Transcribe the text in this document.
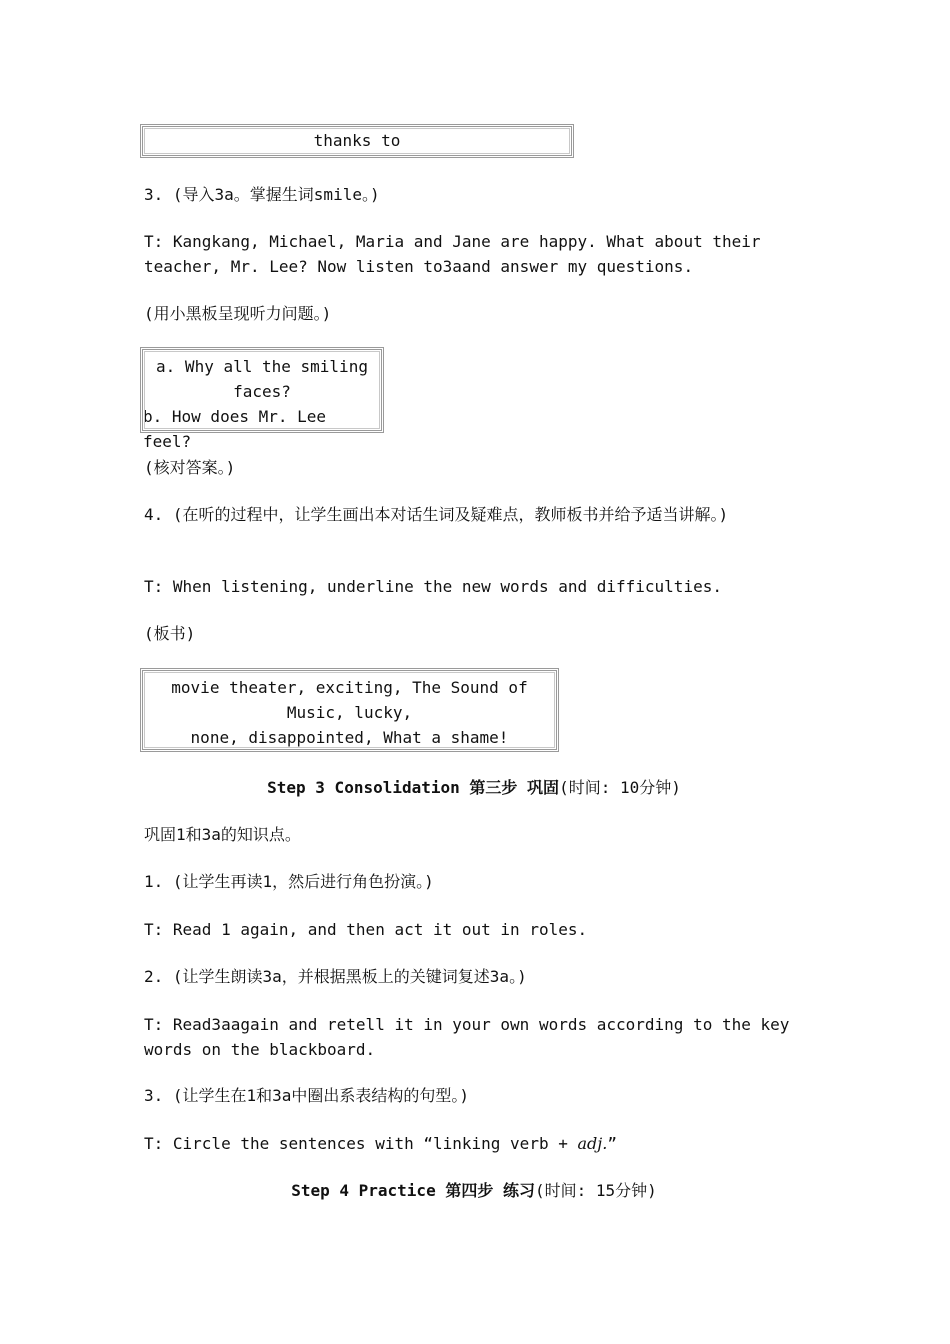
thanks to

3. (导入3a。掌握生词smile。)

T: Kangkang, Michael, Maria and Jane are happy. What about their teacher, Mr. Lee? Now listen to3aand answer my questions.

(用小黑板呈现听力问题。)

a. Why all the smiling faces?
b. How does Mr. Lee feel?

(核对答案。)

4. (在听的过程中，让学生画出本对话生词及疑难点，教师板书并给予适当讲解。)

T: When listening, underline the new words and difficulties.

(板书)

movie theater, exciting, The Sound of Music, lucky,
none, disappointed, What a shame!

Step 3 Consolidation 第三步 巩固(时间: 10分钟)

巩固1和3a的知识点。

1. (让学生再读1，然后进行角色扮演。)

T: Read 1 again, and then act it out in roles.

2. (让学生朗读3a，并根据黑板上的关键词复述3a。)

T: Read3aagain and retell it in your own words according to the key words on the blackboard.

3. (让学生在1和3a中圈出系表结构的句型。)

T: Circle the sentences with “linking verb + adj.”

Step 4 Practice 第四步 练习(时间: 15分钟)
